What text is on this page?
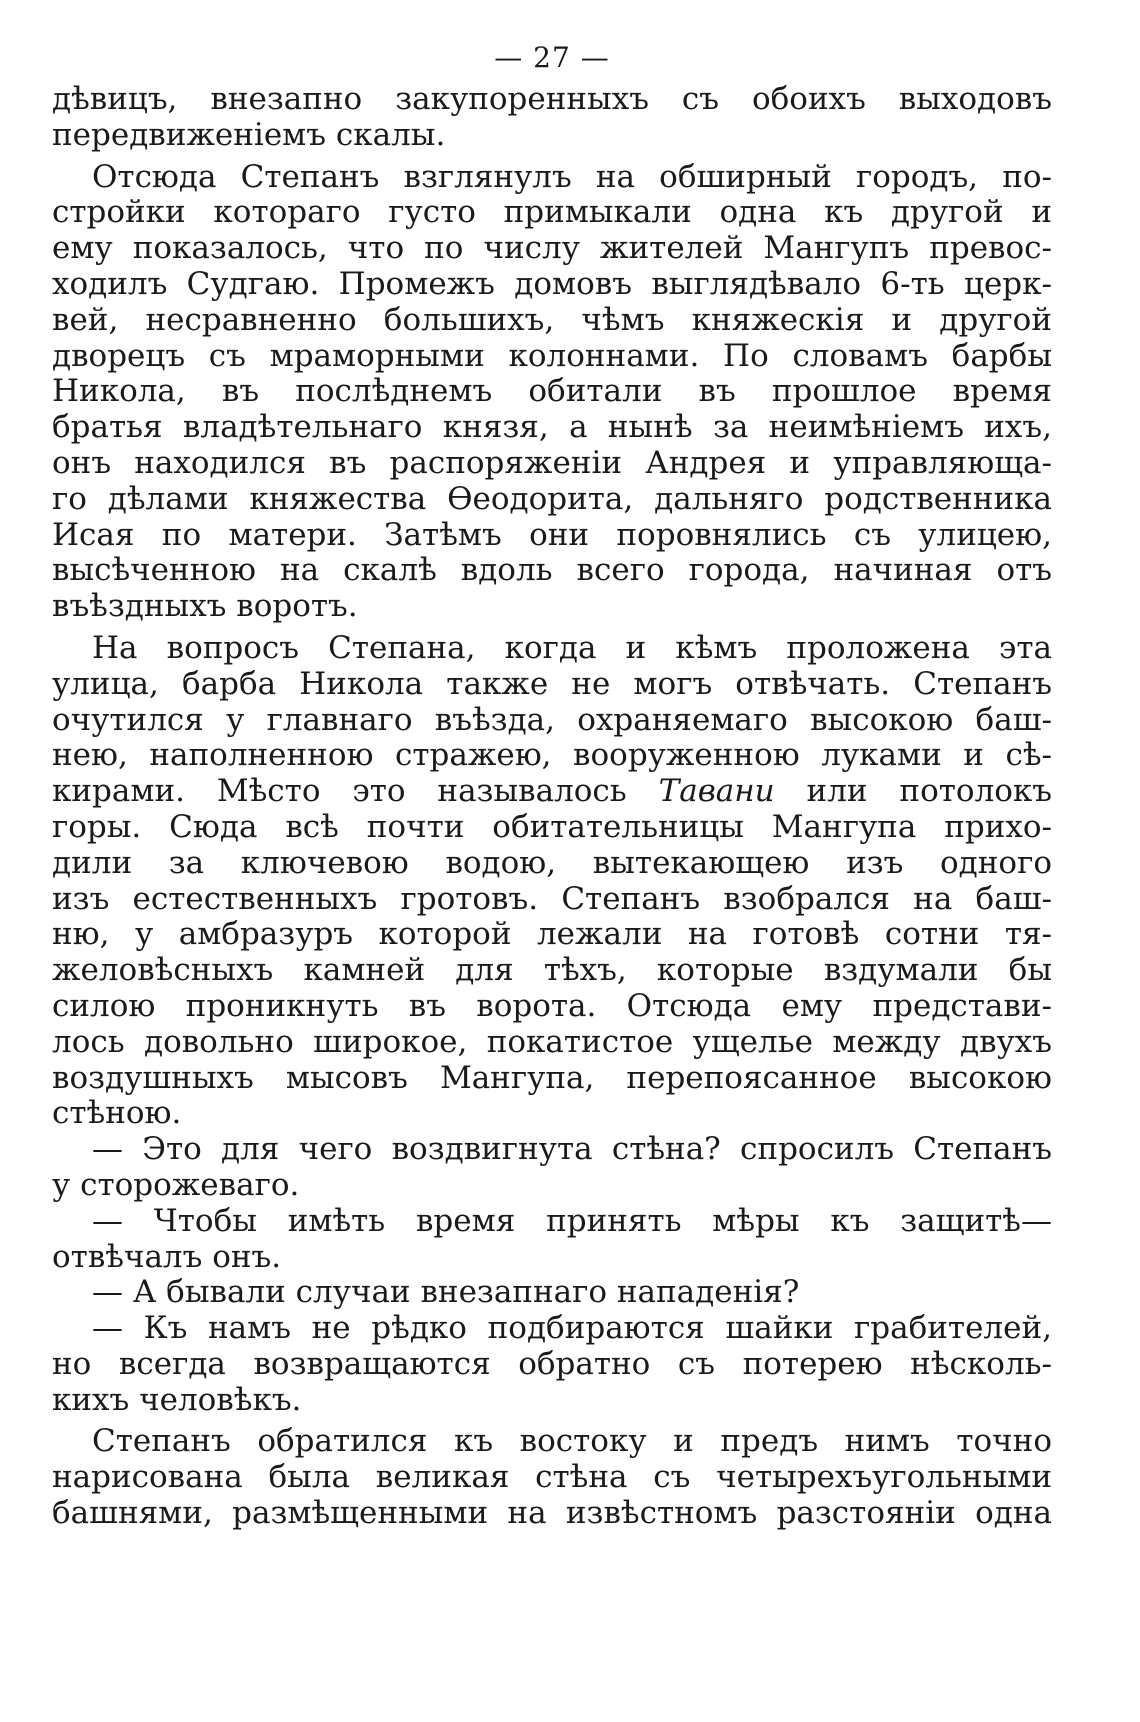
— 27 —

дѣвицъ, внезапно закупоренныхъ съ обоихъ выходовъ
передвиженіемъ скалы.

Отсюда Степанъ взглянулъ на обширный городъ, по-
стройки котораго густо примыкали одна къ другой и
ему показалось, что по числу жителей Мангупъ превос-
ходилъ Судгаю. Промежъ домовъ выглядѣвало 6-ть церк-
вей, несравненно большихъ, чѣмъ княжескія и другой
дворецъ съ мраморными колоннами. По словамъ барбы
Никола, въ послѣднемъ обитали въ прошлое время
братья владѣтельнаго князя, а нынѣ за неимѣніемъ ихъ,
онъ находился въ распоряженіи Андрея и управляюща-
го дѣлами княжества Ѳеодорита, дальняго родственника
Исая по матери. Затѣмъ они поровнялись съ улицею,
высѣченною на скалѣ вдоль всего города, начиная отъ
въѣздныхъ воротъ.

На вопросъ Степана, когда и кѣмъ проложена эта
улица, барба Никола также не могъ отвѣчать. Степанъ
очутился у главнаго въѣзда, охраняемаго высокою баш-
нею, наполненною стражею, вооруженною луками и сѣ-
кирами. Мѣсто это называлось Тавани или потолокъ
горы. Сюда всѣ почти обитательницы Мангупа прихо-
дили за ключевою водою, вытекающею изъ одного
изъ естественныхъ гротовъ. Степанъ взобрался на баш-
ню, у амбразуръ которой лежали на готовѣ сотни тя-
желовѣсныхъ камней для тѣхъ, которые вздумали бы
силою проникнуть въ ворота. Отсюда ему представи-
лось довольно широкое, покатистое ущелье между двухъ
воздушныхъ мысовъ Мангупа, перепоясанное высокою
стѣною.

— Это для чего воздвигнута стѣна? спросилъ Степанъ
у сторожеваго.

— Чтобы имѣть время принять мѣры къ защитѣ—
отвѣчалъ онъ.

— А бывали случаи внезапнаго нападенія?

— Къ намъ не рѣдко подбираются шайки грабителей,
но всегда возвращаются обратно съ потерею нѣсколь-
кихъ человѣкъ.

Степанъ обратился къ востоку и предъ нимъ точно
нарисована была великая стѣна съ четырехъугольными
башнями, размѣщенными на извѣстномъ разстояніи одна
